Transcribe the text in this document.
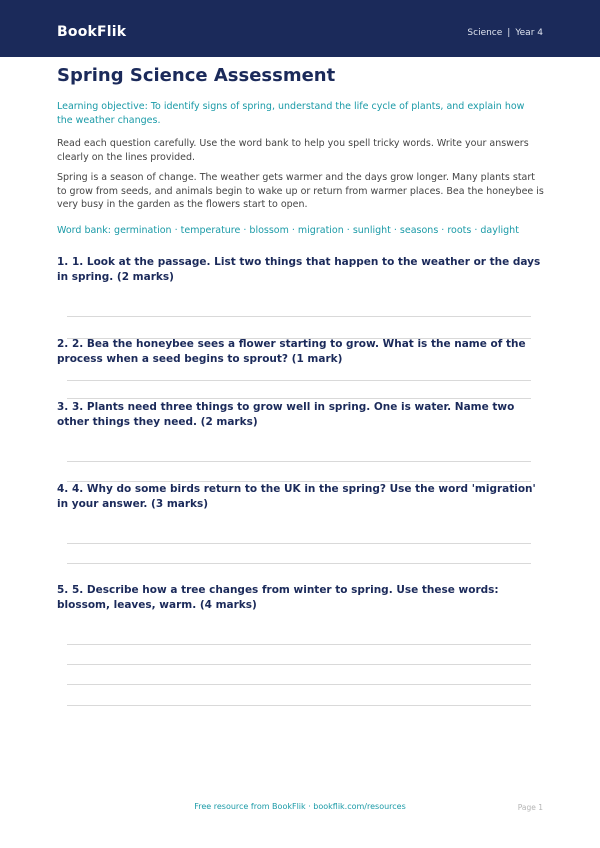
BookFlik	Science | Year 4
Spring Science Assessment
Learning objective: To identify signs of spring, understand the life cycle of plants, and explain how the weather changes.
Read each question carefully. Use the word bank to help you spell tricky words. Write your answers clearly on the lines provided.
Spring is a season of change. The weather gets warmer and the days grow longer. Many plants start to grow from seeds, and animals begin to wake up or return from warmer places. Bea the honeybee is very busy in the garden as the flowers start to open.
Word bank: germination · temperature · blossom · migration · sunlight · seasons · roots · daylight
1. 1. Look at the passage. List two things that happen to the weather or the days in spring. (2 marks)
2. 2. Bea the honeybee sees a flower starting to grow. What is the name of the process when a seed begins to sprout? (1 mark)
3. 3. Plants need three things to grow well in spring. One is water. Name two other things they need. (2 marks)
4. 4. Why do some birds return to the UK in the spring? Use the word 'migration' in your answer. (3 marks)
5. 5. Describe how a tree changes from winter to spring. Use these words: blossom, leaves, warm. (4 marks)
Free resource from BookFlik · bookflik.com/resources	Page 1
